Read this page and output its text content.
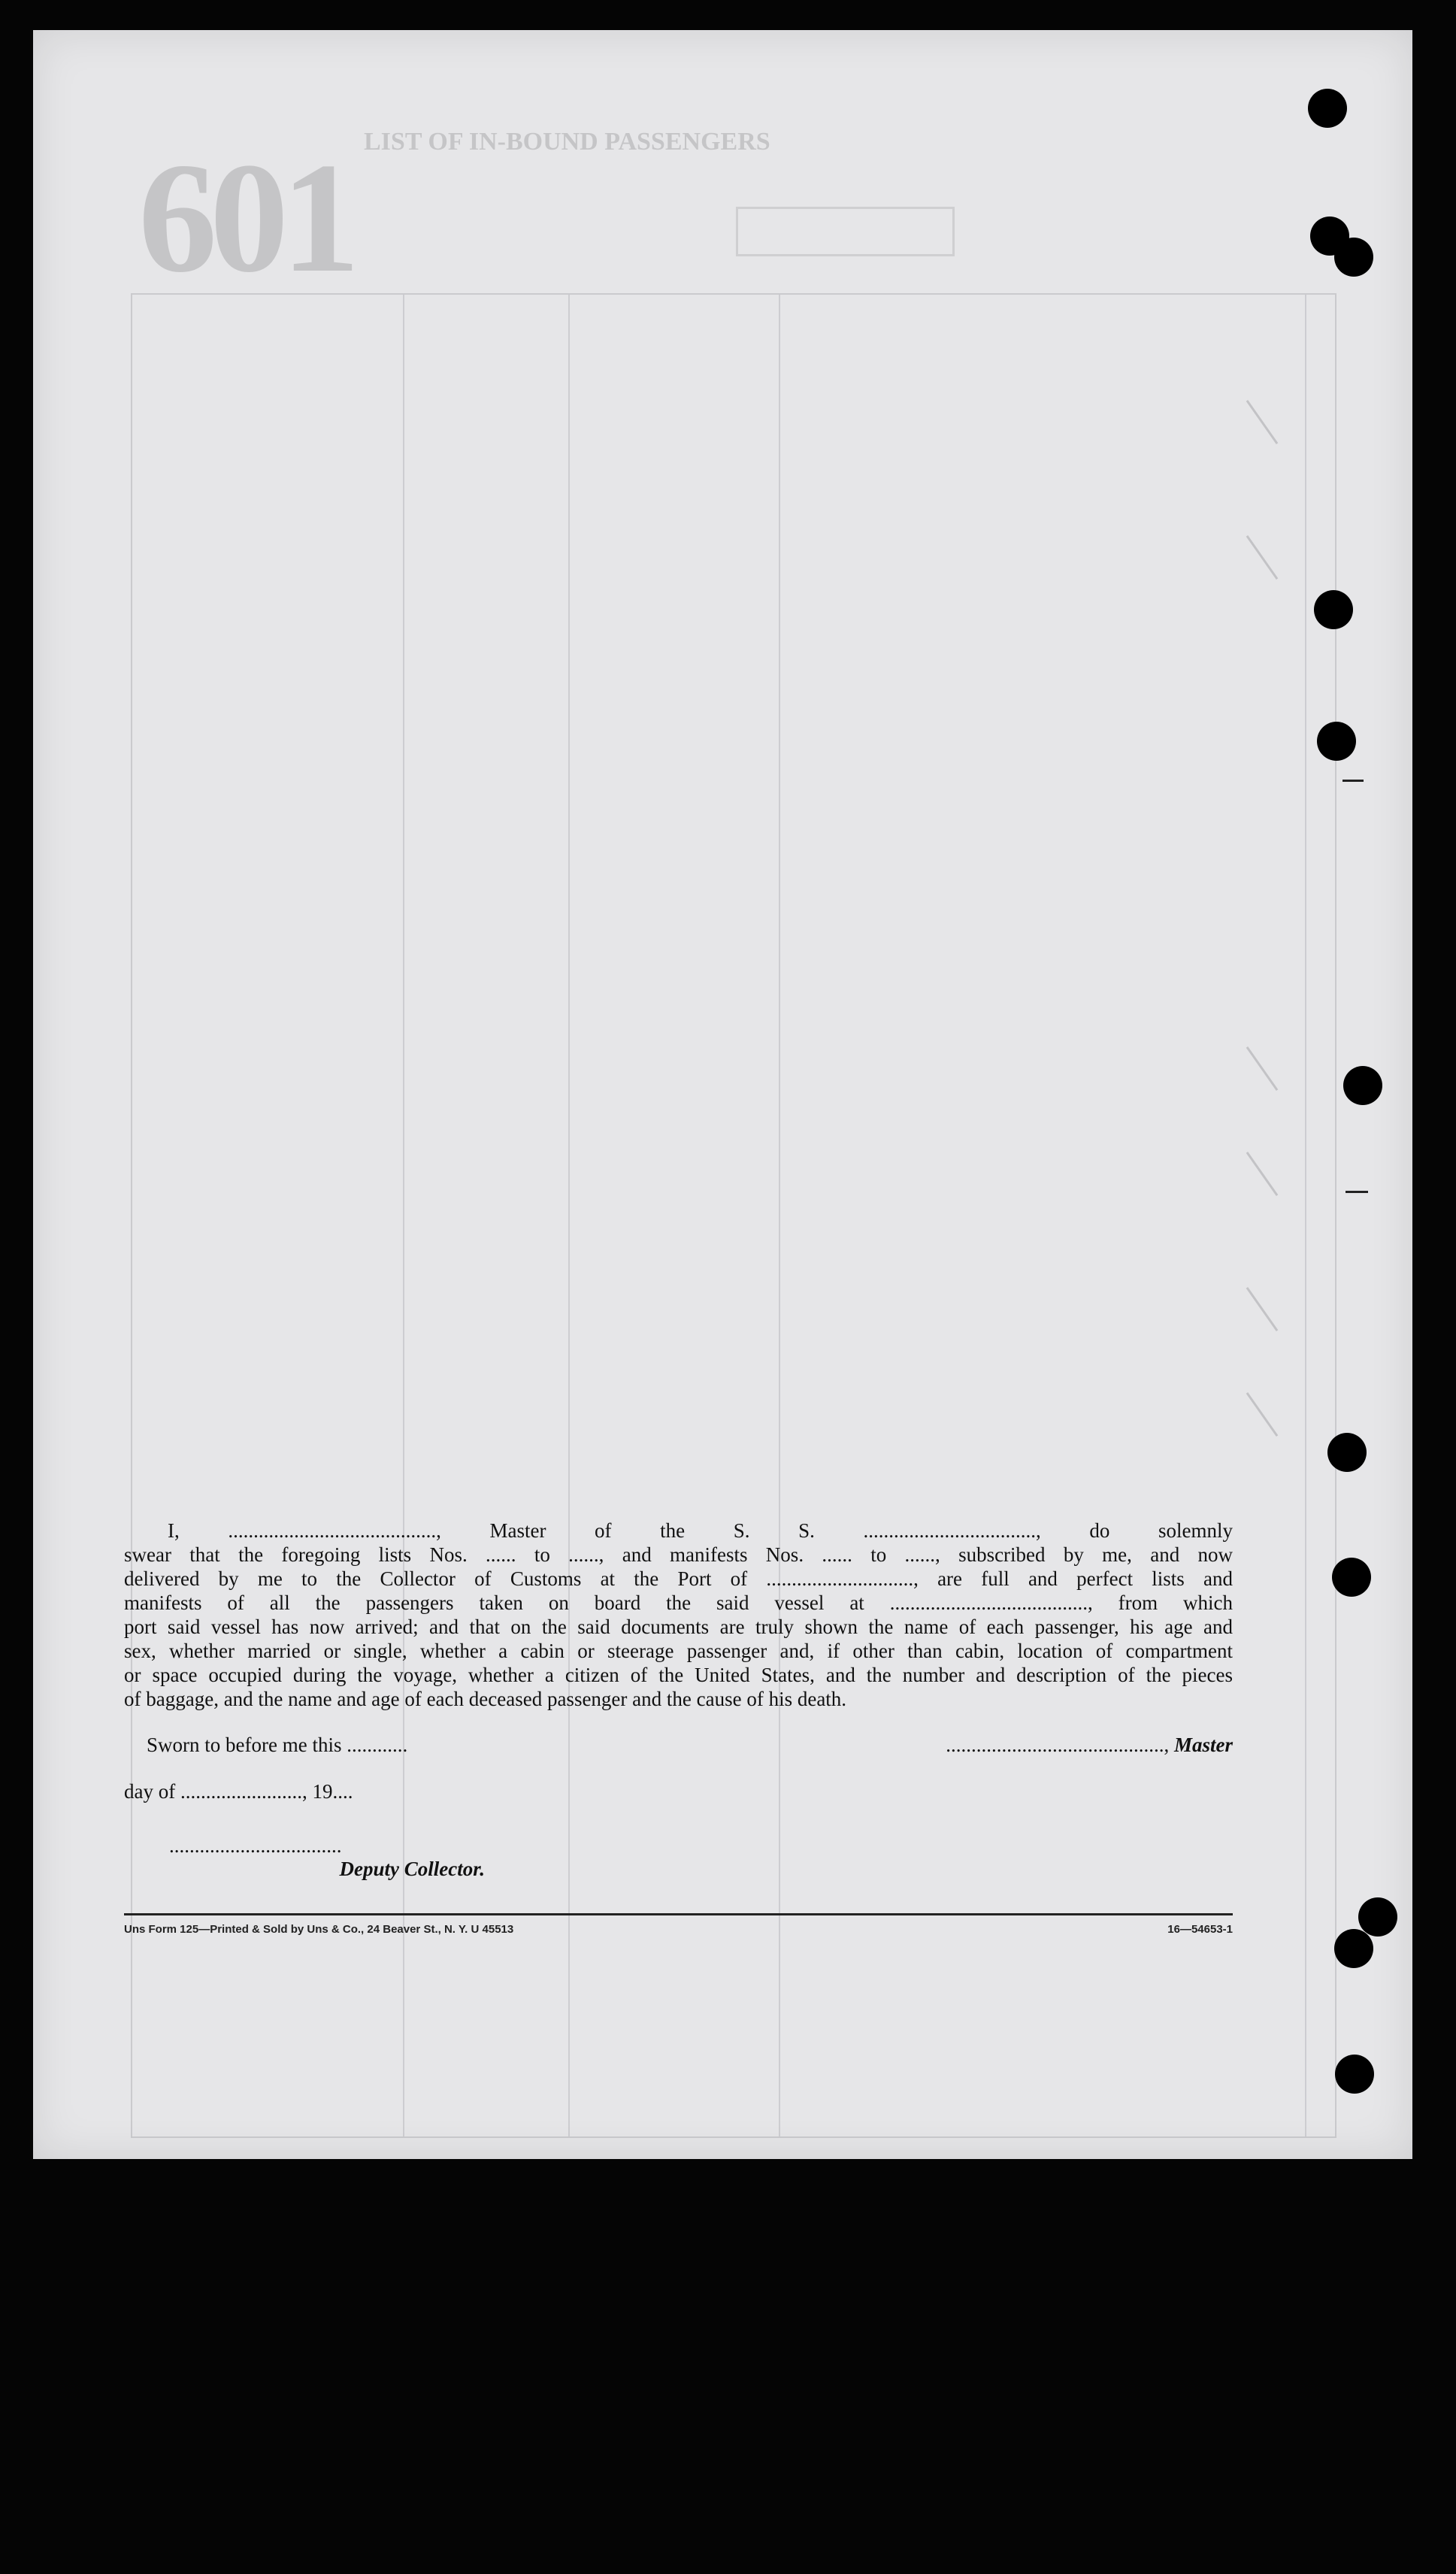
601 LIST OF IN-BOUND PASSENGERS

I, ........................................., Master of the S. S. .................................., do solemnly

swear that the foregoing lists Nos. ...... to ......, and manifests Nos. ...... to ......, subscribed by me, and now

delivered by me to the Collector of Customs at the Port of ............................., are full and perfect lists and

manifests of all the passengers taken on board the said vessel at ......................................., from which

port said vessel has now arrived; and that on the said documents are truly shown the name of each passenger, his age and

sex, whether married or single, whether a cabin or steerage passenger and, if other than cabin, location of compartment

or space occupied during the voyage, whether a citizen of the United States, and the number and description of the pieces

of baggage, and the name and age of each deceased passenger and the cause of his death.

Sworn to before me this ............	..........................................., Master
day of ........................, 19....
..................................
Deputy Collector.
Uns Form 125—Printed & Sold by Uns & Co., 24 Beaver St., N. Y. U 45513	16—54653-1
